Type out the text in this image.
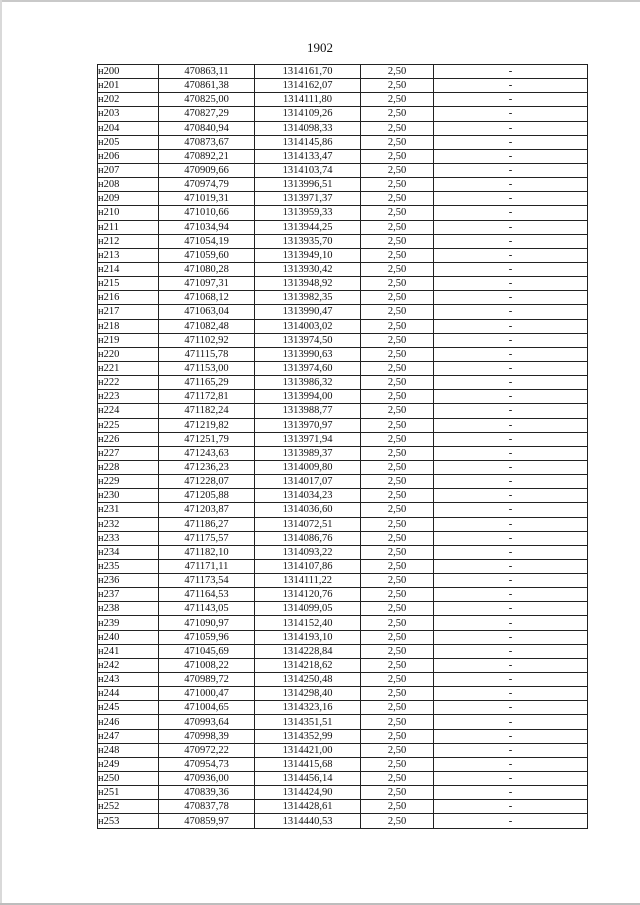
1902
н200	470863,11	1314161,70	2,50	-
н201	470861,38	1314162,07	2,50	-
н202	470825,00	1314111,80	2,50	-
н203	470827,29	1314109,26	2,50	-
н204	470840,94	1314098,33	2,50	-
н205	470873,67	1314145,86	2,50	-
н206	470892,21	1314133,47	2,50	-
н207	470909,66	1314103,74	2,50	-
н208	470974,79	1313996,51	2,50	-
н209	471019,31	1313971,37	2,50	-
н210	471010,66	1313959,33	2,50	-
н211	471034,94	1313944,25	2,50	-
н212	471054,19	1313935,70	2,50	-
н213	471059,60	1313949,10	2,50	-
н214	471080,28	1313930,42	2,50	-
н215	471097,31	1313948,92	2,50	-
н216	471068,12	1313982,35	2,50	-
н217	471063,04	1313990,47	2,50	-
н218	471082,48	1314003,02	2,50	-
н219	471102,92	1313974,50	2,50	-
н220	471115,78	1313990,63	2,50	-
н221	471153,00	1313974,60	2,50	-
н222	471165,29	1313986,32	2,50	-
н223	471172,81	1313994,00	2,50	-
н224	471182,24	1313988,77	2,50	-
н225	471219,82	1313970,97	2,50	-
н226	471251,79	1313971,94	2,50	-
н227	471243,63	1313989,37	2,50	-
н228	471236,23	1314009,80	2,50	-
н229	471228,07	1314017,07	2,50	-
н230	471205,88	1314034,23	2,50	-
н231	471203,87	1314036,60	2,50	-
н232	471186,27	1314072,51	2,50	-
н233	471175,57	1314086,76	2,50	-
н234	471182,10	1314093,22	2,50	-
н235	471171,11	1314107,86	2,50	-
н236	471173,54	1314111,22	2,50	-
н237	471164,53	1314120,76	2,50	-
н238	471143,05	1314099,05	2,50	-
н239	471090,97	1314152,40	2,50	-
н240	471059,96	1314193,10	2,50	-
н241	471045,69	1314228,84	2,50	-
н242	471008,22	1314218,62	2,50	-
н243	470989,72	1314250,48	2,50	-
н244	471000,47	1314298,40	2,50	-
н245	471004,65	1314323,16	2,50	-
н246	470993,64	1314351,51	2,50	-
н247	470998,39	1314352,99	2,50	-
н248	470972,22	1314421,00	2,50	-
н249	470954,73	1314415,68	2,50	-
н250	470936,00	1314456,14	2,50	-
н251	470839,36	1314424,90	2,50	-
н252	470837,78	1314428,61	2,50	-
н253	470859,97	1314440,53	2,50	-
